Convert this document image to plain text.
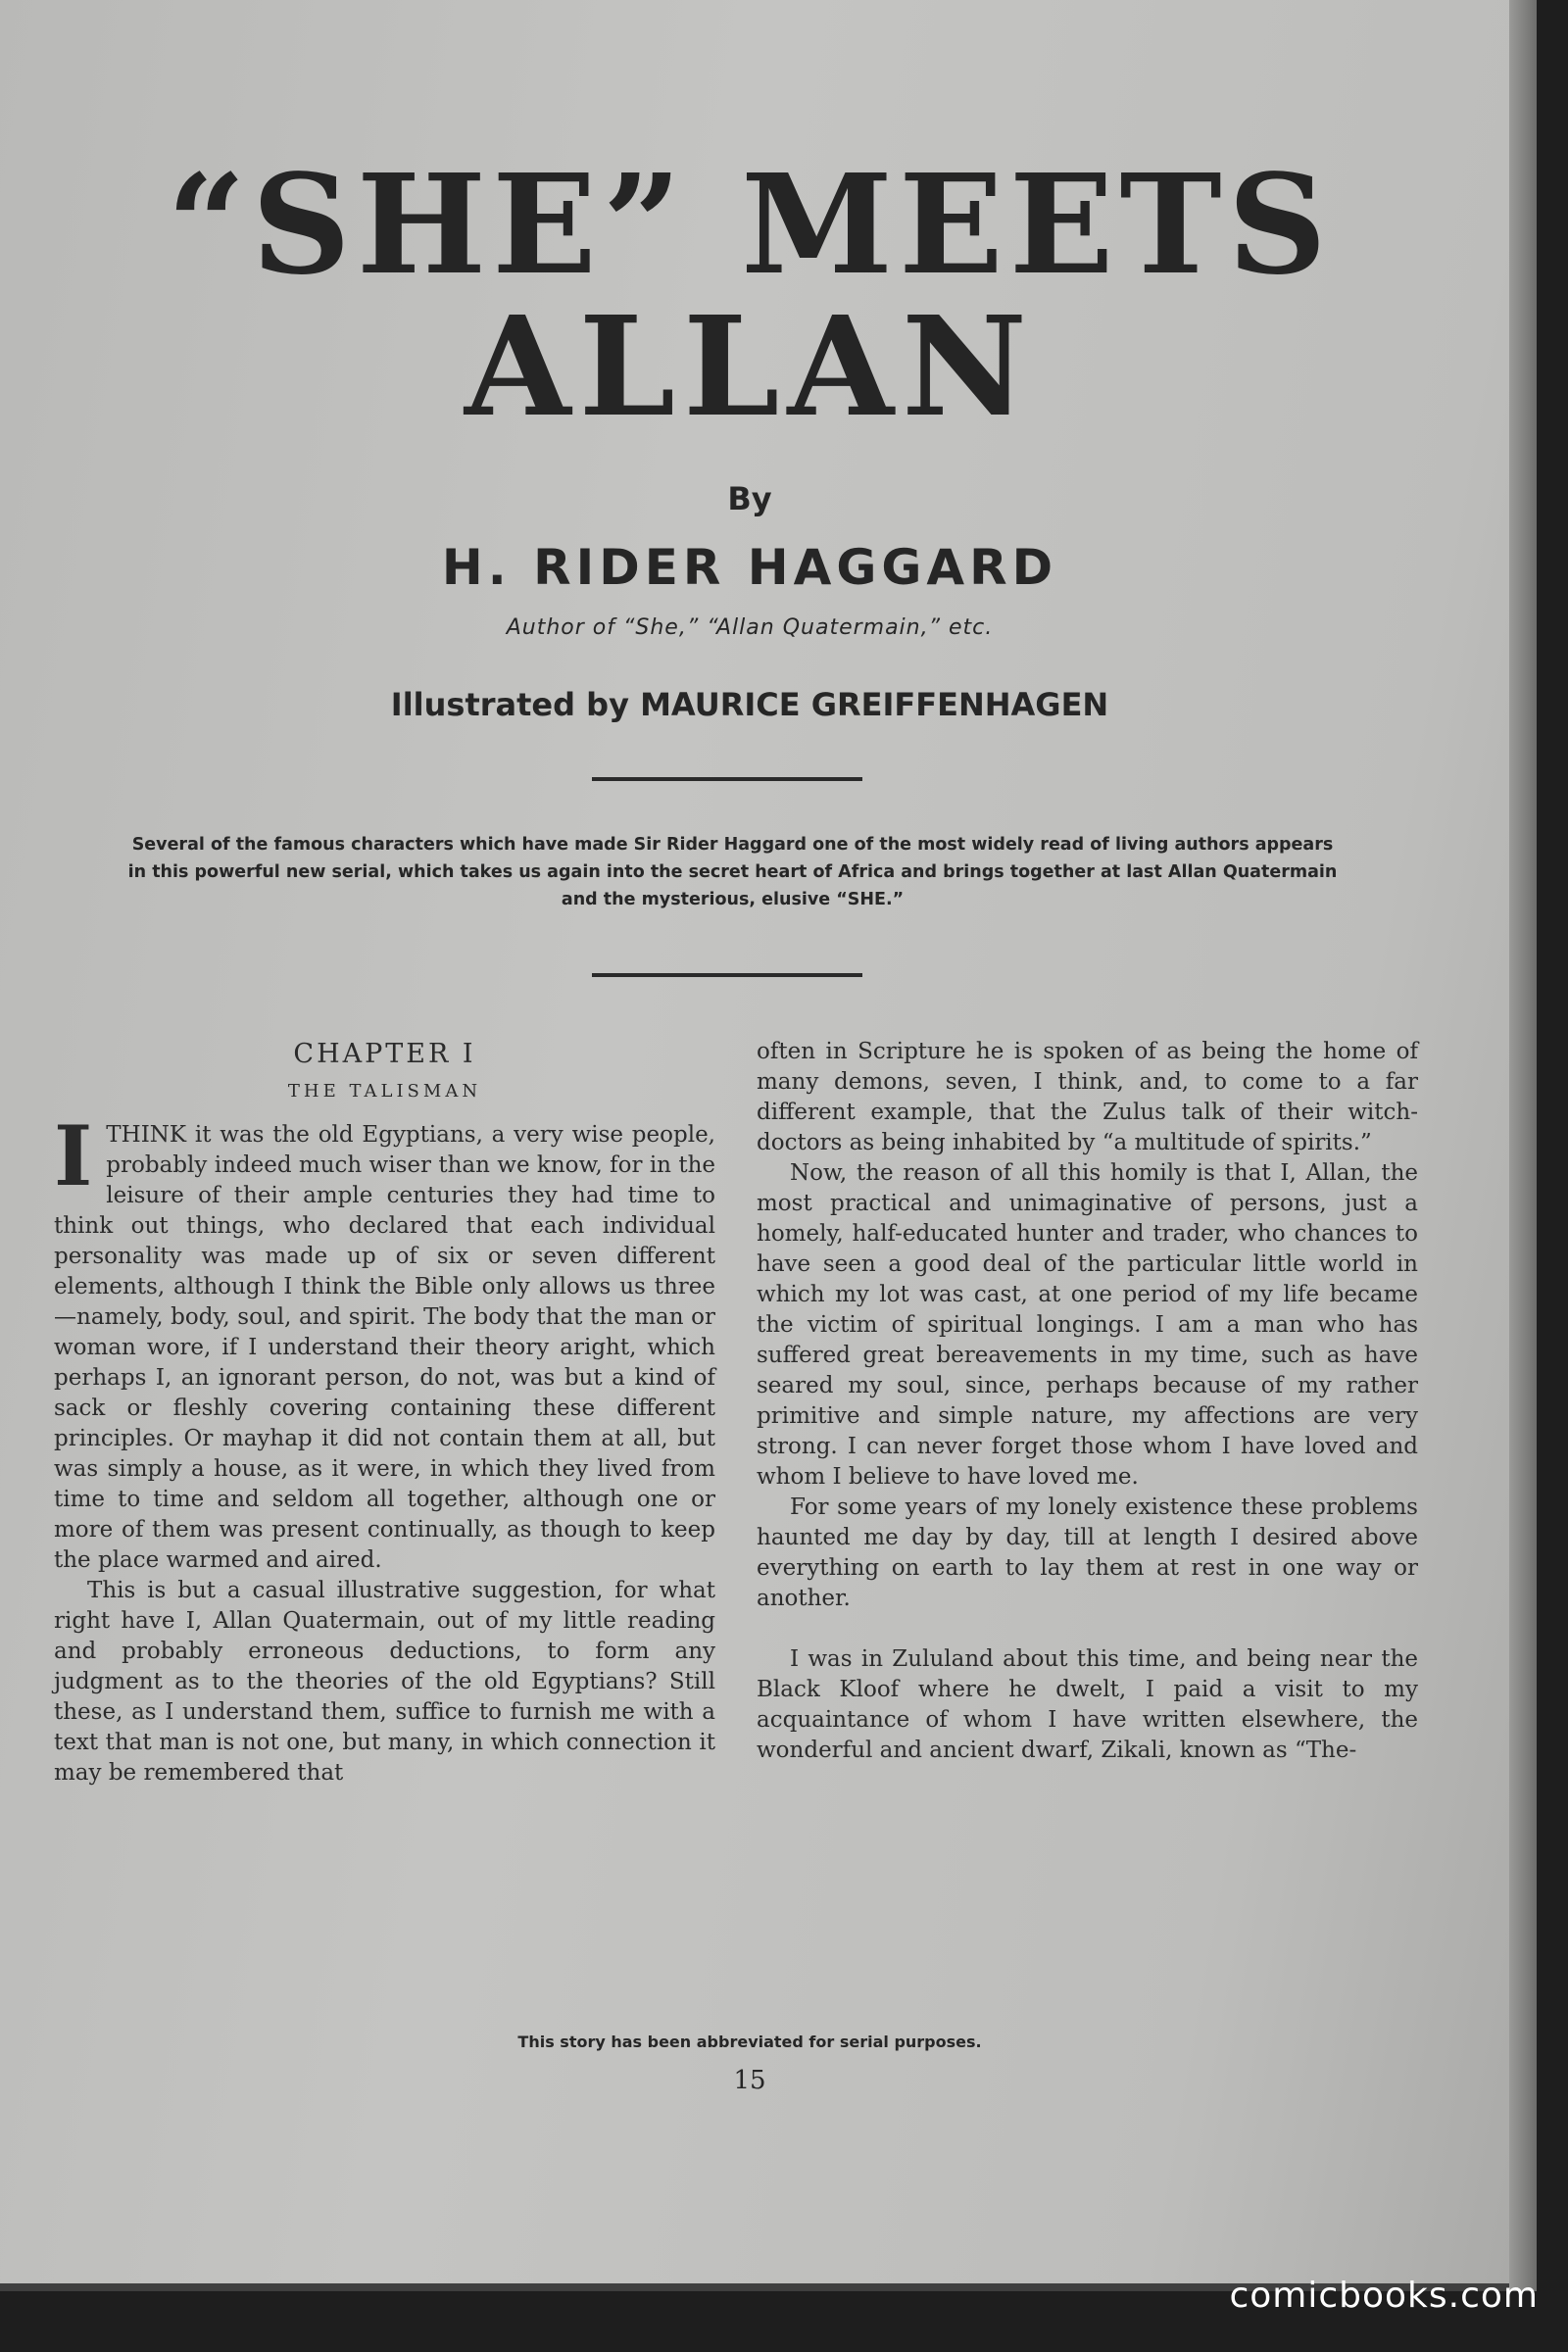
“SHE” MEETS
ALLAN

By

H. RIDER HAGGARD

Author of “She,” “Allan Quatermain,” etc.

Illustrated by MAURICE GREIFFENHAGEN

Several of the famous characters which have made Sir Rider Haggard one of the most widely read of living authors appears in this powerful new serial, which takes us again into the secret heart of Africa and brings together at last Allan Quatermain and the mysterious, elusive “SHE.”

CHAPTER I

THE TALISMAN

ITHINK it was the old Egyptians, a very wise people, probably indeed much wiser than we know, for in the leisure of their ample centuries they had time to think out things, who declared that each individual personality was made up of six or seven different elements, although I think the Bible only allows us three—namely, body, soul, and spirit. The body that the man or woman wore, if I understand their theory aright, which perhaps I, an ignorant person, do not, was but a kind of sack or fleshly covering containing these different principles. Or mayhap it did not contain them at all, but was simply a house, as it were, in which they lived from time to time and seldom all together, although one or more of them was present continually, as though to keep the place warmed and aired.

This is but a casual illustrative suggestion, for what right have I, Allan Quatermain, out of my little reading and probably erroneous deductions, to form any judgment as to the theories of the old Egyptians? Still these, as I understand them, suffice to furnish me with a text that man is not one, but many, in which connection it may be remembered that

often in Scripture he is spoken of as being the home of many demons, seven, I think, and, to come to a far different example, that the Zulus talk of their witch-doctors as being inhabited by “a multitude of spirits.”

Now, the reason of all this homily is that I, Allan, the most practical and unimaginative of persons, just a homely, half-educated hunter and trader, who chances to have seen a good deal of the particular little world in which my lot was cast, at one period of my life became the victim of spiritual longings. I am a man who has suffered great bereavements in my time, such as have seared my soul, since, perhaps because of my rather primitive and simple nature, my affections are very strong. I can never forget those whom I have loved and whom I believe to have loved me.

For some years of my lonely existence these problems haunted me day by day, till at length I desired above everything on earth to lay them at rest in one way or another.

I was in Zululand about this time, and being near the Black Kloof where he dwelt, I paid a visit to my acquaintance of whom I have written elsewhere, the wonderful and ancient dwarf, Zikali, known as “The-

This story has been abbreviated for serial purposes.

15

comicbooks.com
